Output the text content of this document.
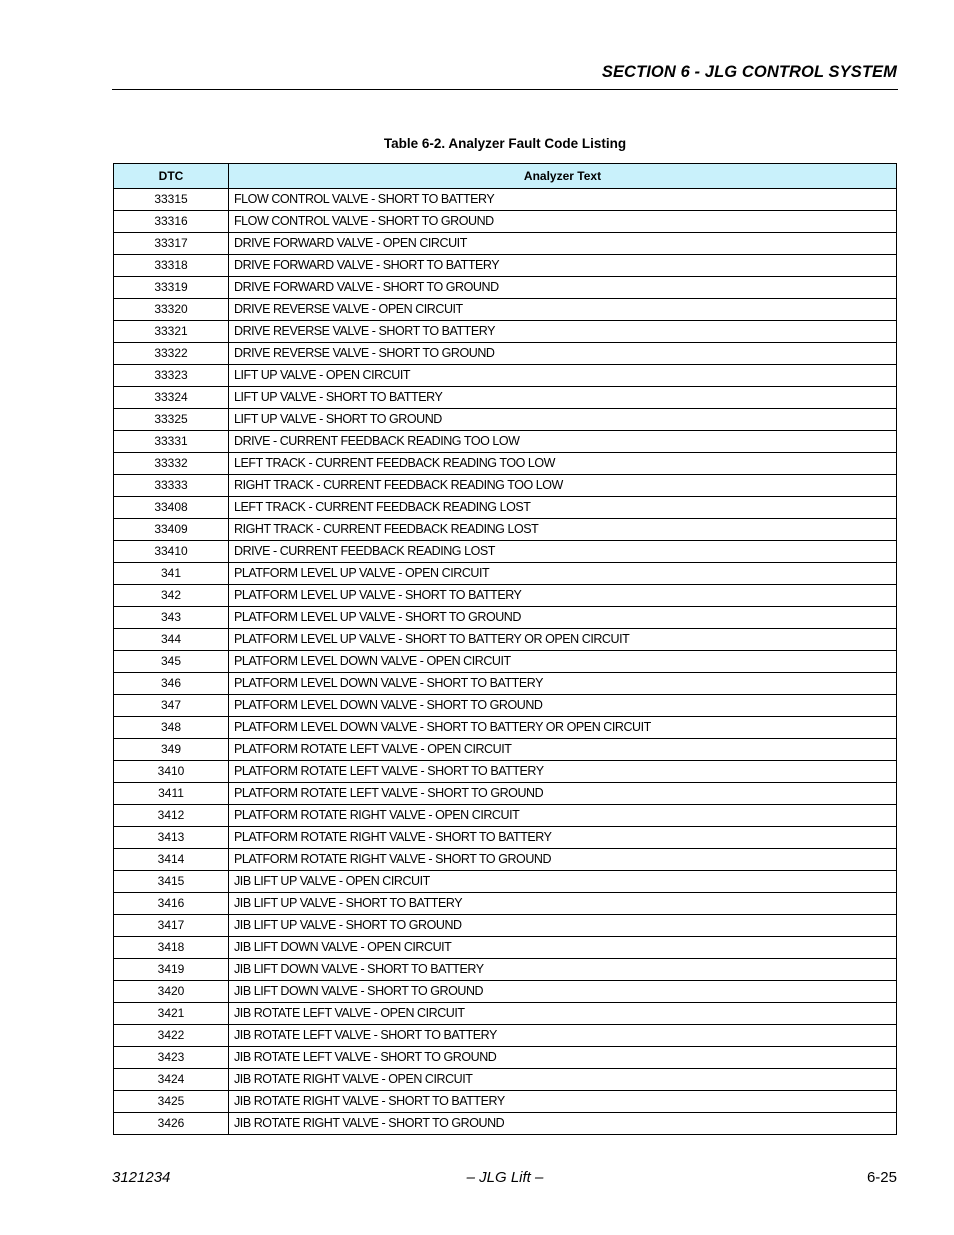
SECTION 6 - JLG CONTROL SYSTEM
Table 6-2. Analyzer Fault Code Listing
DTC	Analyzer Text
33315	FLOW CONTROL VALVE - SHORT TO BATTERY
33316	FLOW CONTROL VALVE - SHORT TO GROUND
33317	DRIVE FORWARD VALVE - OPEN CIRCUIT
33318	DRIVE FORWARD VALVE - SHORT TO BATTERY
33319	DRIVE FORWARD VALVE - SHORT TO GROUND
33320	DRIVE REVERSE VALVE - OPEN CIRCUIT
33321	DRIVE REVERSE VALVE - SHORT TO BATTERY
33322	DRIVE REVERSE VALVE - SHORT TO GROUND
33323	LIFT UP VALVE - OPEN CIRCUIT
33324	LIFT UP VALVE - SHORT TO BATTERY
33325	LIFT UP VALVE - SHORT TO GROUND
33331	DRIVE - CURRENT FEEDBACK READING TOO LOW
33332	LEFT TRACK - CURRENT FEEDBACK READING TOO LOW
33333	RIGHT TRACK - CURRENT FEEDBACK READING TOO LOW
33408	LEFT TRACK - CURRENT FEEDBACK READING LOST
33409	RIGHT TRACK - CURRENT FEEDBACK READING LOST
33410	DRIVE - CURRENT FEEDBACK READING LOST
341	PLATFORM LEVEL UP VALVE - OPEN CIRCUIT
342	PLATFORM LEVEL UP VALVE - SHORT TO BATTERY
343	PLATFORM LEVEL UP VALVE - SHORT TO GROUND
344	PLATFORM LEVEL UP VALVE - SHORT TO BATTERY OR OPEN CIRCUIT
345	PLATFORM LEVEL DOWN VALVE - OPEN CIRCUIT
346	PLATFORM LEVEL DOWN VALVE - SHORT TO BATTERY
347	PLATFORM LEVEL DOWN VALVE - SHORT TO GROUND
348	PLATFORM LEVEL DOWN VALVE - SHORT TO BATTERY OR OPEN CIRCUIT
349	PLATFORM ROTATE LEFT VALVE - OPEN CIRCUIT
3410	PLATFORM ROTATE LEFT VALVE - SHORT TO BATTERY
3411	PLATFORM ROTATE LEFT VALVE - SHORT TO GROUND
3412	PLATFORM ROTATE RIGHT VALVE - OPEN CIRCUIT
3413	PLATFORM ROTATE RIGHT VALVE - SHORT TO BATTERY
3414	PLATFORM ROTATE RIGHT VALVE - SHORT TO GROUND
3415	JIB LIFT UP VALVE - OPEN CIRCUIT
3416	JIB LIFT UP VALVE - SHORT TO BATTERY
3417	JIB LIFT UP VALVE - SHORT TO GROUND
3418	JIB LIFT DOWN VALVE - OPEN CIRCUIT
3419	JIB LIFT DOWN VALVE - SHORT TO BATTERY
3420	JIB LIFT DOWN VALVE - SHORT TO GROUND
3421	JIB ROTATE LEFT VALVE - OPEN CIRCUIT
3422	JIB ROTATE LEFT VALVE - SHORT TO BATTERY
3423	JIB ROTATE LEFT VALVE - SHORT TO GROUND
3424	JIB ROTATE RIGHT VALVE - OPEN CIRCUIT
3425	JIB ROTATE RIGHT VALVE - SHORT TO BATTERY
3426	JIB ROTATE RIGHT VALVE - SHORT TO GROUND
3121234	– JLG Lift –	6-25
